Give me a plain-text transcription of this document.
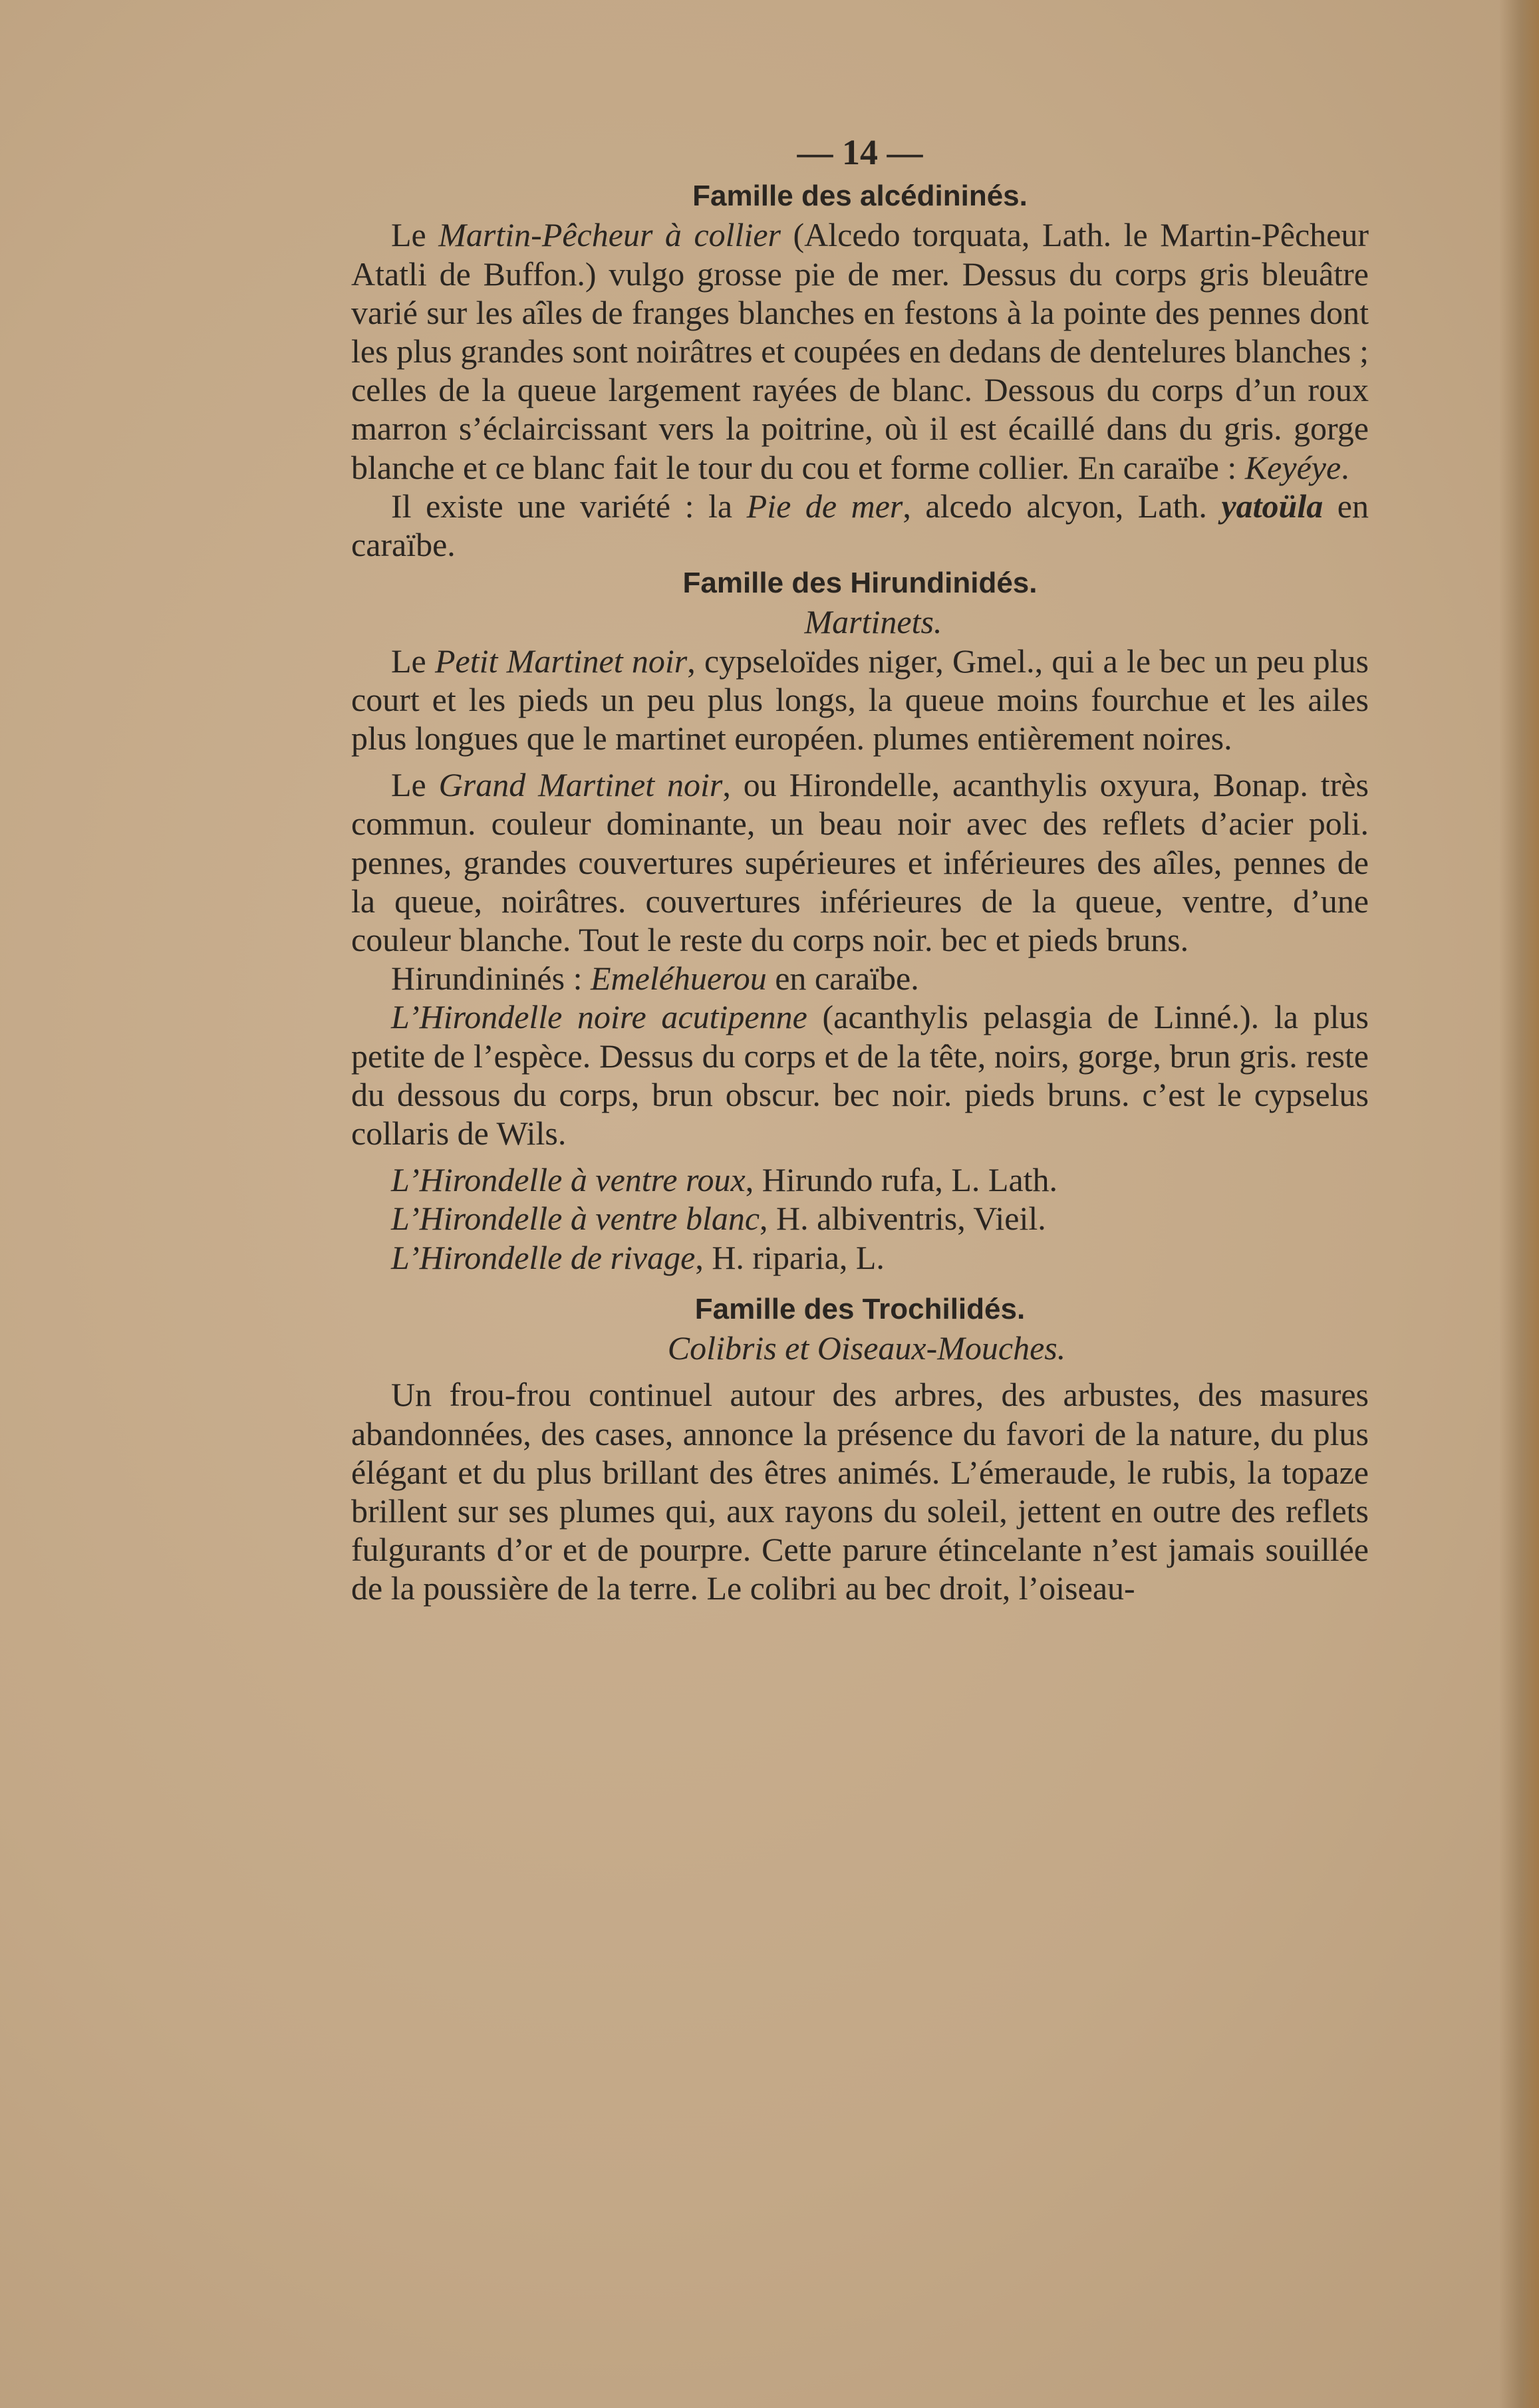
— 14 —

Famille des alcédininés.

Le Martin-Pêcheur à collier (Alcedo torquata, Lath. le Martin-Pêcheur Atatli de Buffon.) vulgo grosse pie de mer. Dessus du corps gris bleuâtre varié sur les aîles de franges blanches en festons à la pointe des pennes dont les plus grandes sont noirâtres et coupées en dedans de dentelures blanches ; celles de la queue largement rayées de blanc. Dessous du corps d’un roux marron s’éclaircissant vers la poitrine, où il est écaillé dans du gris. gorge blanche et ce blanc fait le tour du cou et forme collier. En caraïbe : Keyéye.

Il existe une variété : la Pie de mer, alcedo alcyon, Lath. yatoüla en caraïbe.

Famille des Hirundinidés.

Martinets.

Le Petit Martinet noir, cypseloïdes niger, Gmel., qui a le bec un peu plus court et les pieds un peu plus longs, la queue moins fourchue et les ailes plus longues que le martinet européen. plumes entièrement noires.

Le Grand Martinet noir, ou Hirondelle, acanthylis oxyura, Bonap. très commun. couleur dominante, un beau noir avec des reflets d’acier poli. pennes, grandes couvertures supérieures et inférieures des aîles, pennes de la queue, noirâtres. couvertures inférieures de la queue, ventre, d’une couleur blanche. Tout le reste du corps noir. bec et pieds bruns.

Hirundininés : Emeléhuerou en caraïbe.

L’Hirondelle noire acutipenne (acanthylis pelasgia de Linné.). la plus petite de l’espèce. Dessus du corps et de la tête, noirs, gorge, brun gris. reste du dessous du corps, brun obscur. bec noir. pieds bruns. c’est le cypselus collaris de Wils.

L’Hirondelle à ventre roux, Hirundo rufa, L. Lath.

L’Hirondelle à ventre blanc, H. albiventris, Vieil.

L’Hirondelle de rivage, H. riparia, L.

Famille des Trochilidés.

Colibris et Oiseaux-Mouches.

Un frou-frou continuel autour des arbres, des arbustes, des masures abandonnées, des cases, annonce la présence du favori de la nature, du plus élégant et du plus brillant des êtres animés. L’émeraude, le rubis, la topaze brillent sur ses plumes qui, aux rayons du soleil, jettent en outre des reflets fulgurants d’or et de pourpre. Cette parure étincelante n’est jamais souillée de la poussière de la terre. Le colibri au bec droit, l’oiseau-
